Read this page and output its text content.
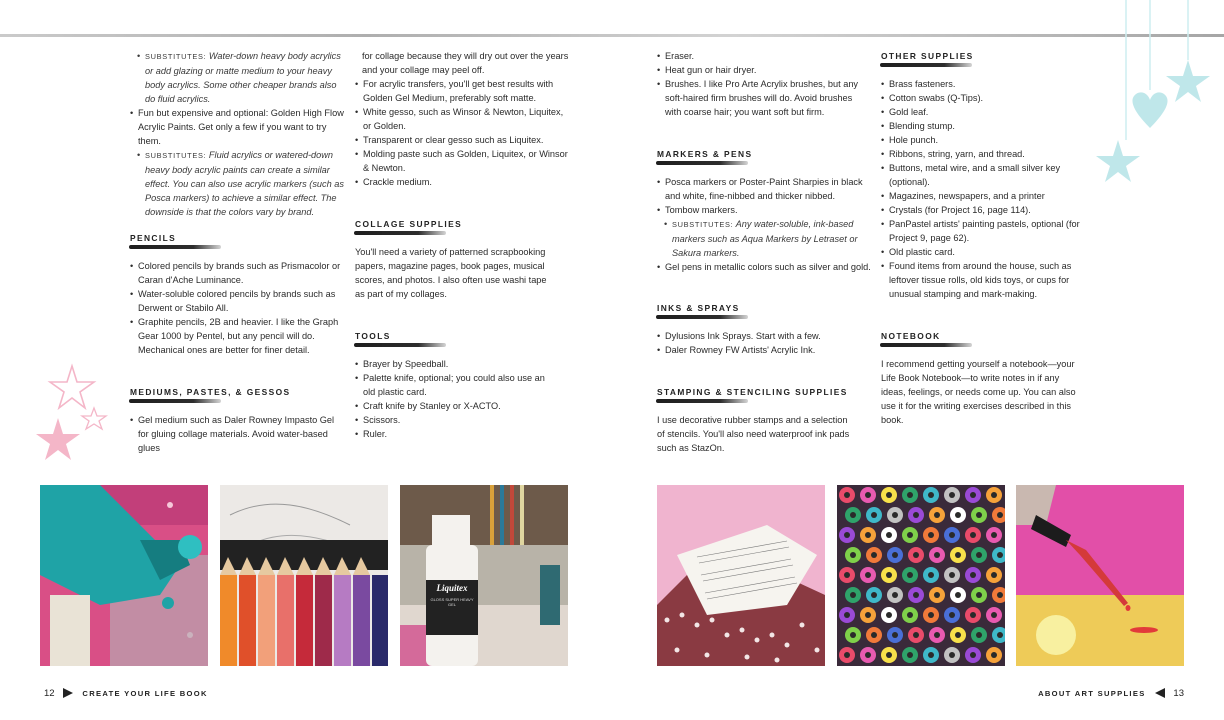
• SUBSTITUTES: Water-down heavy body acrylics or add glazing or matte medium to your heavy body acrylics. Some other cheaper brands also do fluid acrylics.
• Fun but expensive and optional: Golden High Flow Acrylic Paints. Get only a few if you want to try them.
• SUBSTITUTES: Fluid acrylics or watered-down heavy body acrylic paints can create a similar effect. You can also use acrylic markers (such as Posca markers) to achieve a similar effect. The downside is that the colors vary by brand.
PENCILS
• Colored pencils by brands such as Prismacolor or Caran d'Ache Luminance.
• Water-soluble colored pencils by brands such as Derwent or Stabilo All.
• Graphite pencils, 2B and heavier. I like the Graph Gear 1000 by Pentel, but any pencil will do. Mechanical ones are better for finer detail.
MEDIUMS, PASTES, & GESSOS
• Gel medium such as Daler Rowney Impasto Gel for gluing collage materials. Avoid water-based glues

for collage because they will dry out over the years and your collage may peel off.

• For acrylic transfers, you'll get best results with Golden Gel Medium, preferably soft matte.
• White gesso, such as Winsor & Newton, Liquitex, or Golden.
• Transparent or clear gesso such as Liquitex.
• Molding paste such as Golden, Liquitex, or Winsor & Newton.
• Crackle medium.
COLLAGE SUPPLIES

You'll need a variety of patterned scrapbooking papers, magazine pages, book pages, musical scores, and photos. I also often use washi tape as part of my collages.

TOOLS
• Brayer by Speedball.
• Palette knife, optional; you could also use an old plastic card.
• Craft knife by Stanley or X-ACTO.
• Scissors.
• Ruler.
• Eraser.
• Heat gun or hair dryer.
• Brushes. I like Pro Arte Acrylix brushes, but any soft-haired firm brushes will do. Avoid brushes with coarse hair; you want soft but firm.
MARKERS & PENS
• Posca markers or Poster-Paint Sharpies in black and white, fine-nibbed and thicker nibbed.
• Tombow markers.
• SUBSTITUTES: Any water-soluble, ink-based markers such as Aqua Markers by Letraset or Sakura markers.
• Gel pens in metallic colors such as silver and gold.
INKS & SPRAYS
• Dylusions Ink Sprays. Start with a few.
• Daler Rowney FW Artists' Acrylic Ink.
STAMPING & STENCILING SUPPLIES

I use decorative rubber stamps and a selection of stencils. You'll also need waterproof ink pads such as StazOn.

OTHER SUPPLIES
• Brass fasteners.
• Cotton swabs (Q-Tips).
• Gold leaf.
• Blending stump.
• Hole punch.
• Ribbons, string, yarn, and thread.
• Buttons, metal wire, and a small silver key (optional).
• Magazines, newspapers, and a printer
• Crystals (for Project 16, page 114).
• PanPastel artists' painting pastels, optional (for Project 9, page 62).
• Old plastic card.
• Found items from around the house, such as leftover tissue rolls, old kids toys, or cups for unusual stamping and mark-making.
NOTEBOOK

I recommend getting yourself a notebook—your Life Book Notebook—to write notes in if any ideas, feelings, or needs come up. You can also use it for the writing exercises described in this book.

Liquitex
GLOSS SUPER HEAVY GEL
12	CREATE YOUR LIFE BOOK	ABOUT ART SUPPLIES	13
